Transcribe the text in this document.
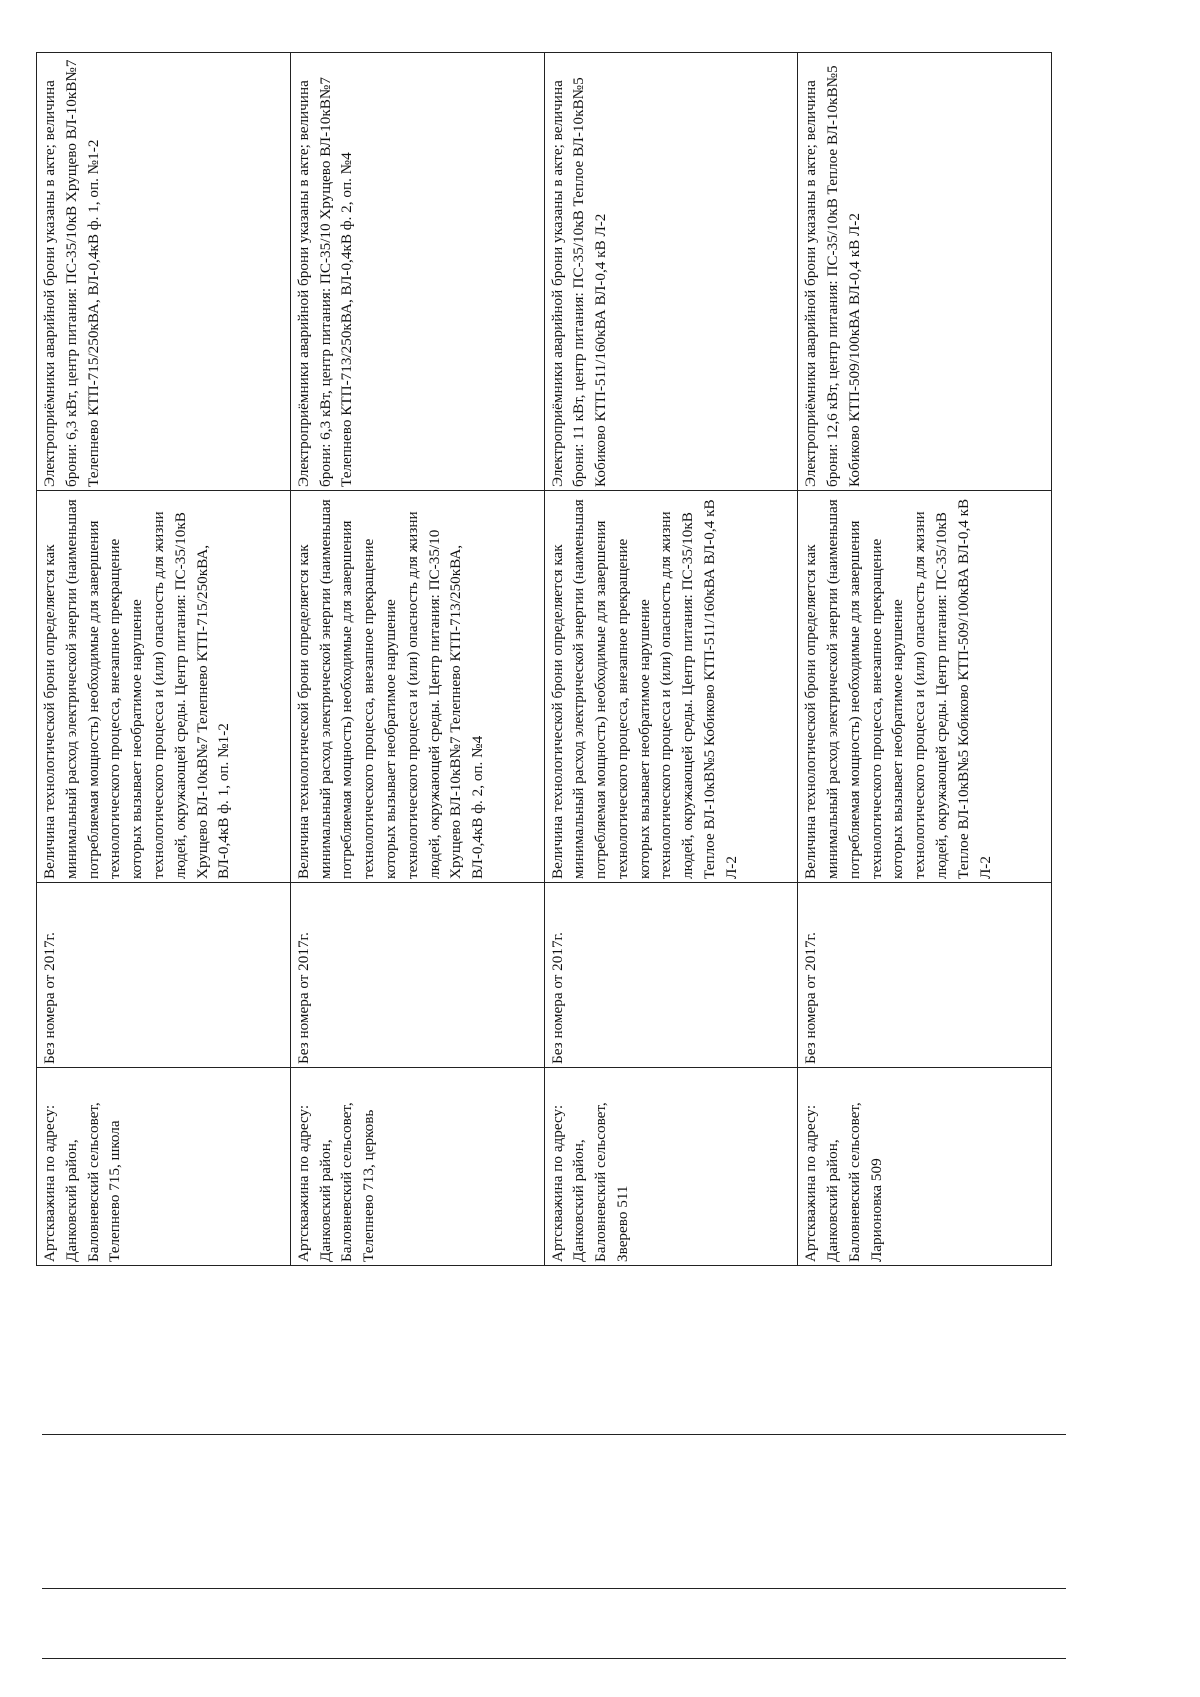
Артскважина по адресу: Данковский район, Баловневский сельсовет, Телепнево 715, школа	Без номера от 2017г.	Величина технологической брони определяется как минимальный расход электрической энергии (наименьшая потребляемая мощность) необходимые для завершения технологического процесса, внезапное прекращение которых вызывает необратимое нарушение технологического процесса и (или) опасность для жизни людей, окружающей среды. Центр питания: ПС-35/10кВ Хрущево ВЛ-10кВ№7 Телепнево КТП-715/250кВА, ВЛ-0,4кВ ф. 1, оп. №1-2	Электроприёмники аварийной брони указаны в акте; величина брони: 6,3 кВт, центр питания: ПС-35/10кВ Хрущево ВЛ-10кВ№7 Телепнево КТП-715/250кВА, ВЛ-0,4кВ ф. 1, оп. №1-2
Артскважина по адресу: Данковский район, Баловневский сельсовет, Телепнево 713, церковь	Без номера от 2017г.	Величина технологической брони определяется как минимальный расход электрической энергии (наименьшая потребляемая мощность) необходимые для завершения технологического процесса, внезапное прекращение которых вызывает необратимое нарушение технологического процесса и (или) опасность для жизни людей, окружающей среды. Центр питания: ПС-35/10 Хрущево ВЛ-10кВ№7 Телепнево КТП-713/250кВА, ВЛ-0,4кВ ф. 2, оп. №4	Электроприёмники аварийной брони указаны в акте; величина брони: 6,3 кВт, центр питания: ПС-35/10 Хрущево ВЛ-10кВ№7 Телепнево КТП-713/250кВА, ВЛ-0,4кВ ф. 2, оп. №4
Артскважина по адресу: Данковский район, Баловневский сельсовет, Зверево 511	Без номера от 2017г.	Величина технологической брони определяется как минимальный расход электрической энергии (наименьшая потребляемая мощность) необходимые для завершения технологического процесса, внезапное прекращение которых вызывает необратимое нарушение технологического процесса и (или) опасность для жизни людей, окружающей среды. Центр питания: ПС-35/10кВ Теплое ВЛ-10кВ№5 Кобиково КТП-511/160кВА ВЛ-0,4 кВ Л-2	Электроприёмники аварийной брони указаны в акте; величина брони: 11 кВт, центр питания: ПС-35/10кВ Теплое ВЛ-10кВ№5 Кобиково КТП-511/160кВА ВЛ-0,4 кВ Л-2
Артскважина по адресу: Данковский район, Баловневский сельсовет, Ларионовка 509	Без номера от 2017г.	Величина технологической брони определяется как минимальный расход электрической энергии (наименьшая потребляемая мощность) необходимые для завершения технологического процесса, внезапное прекращение которых вызывает необратимое нарушение технологического процесса и (или) опасность для жизни людей, окружающей среды. Центр питания: ПС-35/10кВ Теплое ВЛ-10кВ№5 Кобиково КТП-509/100кВА ВЛ-0,4 кВ Л-2	Электроприёмники аварийной брони указаны в акте; величина брони: 12,6 кВт, центр питания: ПС-35/10кВ Теплое ВЛ-10кВ№5 Кобиково КТП-509/100кВА ВЛ-0,4 кВ Л-2
